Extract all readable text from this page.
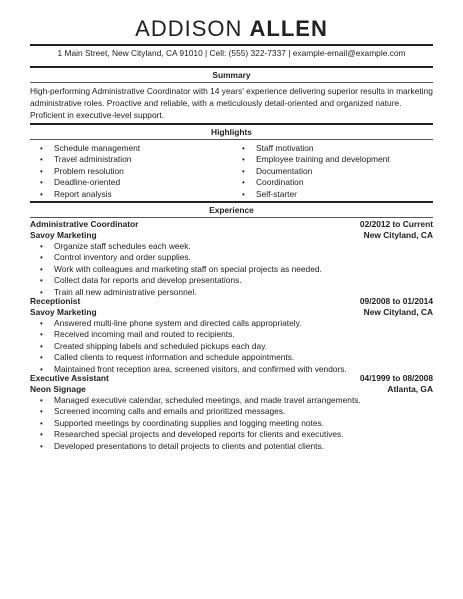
ADDISON ALLEN
1 Main Street, New Cityland, CA 91010 | Cell: (555) 322-7337 | example-email@example.com
Summary
High-performing Administrative Coordinator with 14 years' experience delivering superior results in marketing administrative roles. Proactive and reliable, with a meticulously detail-oriented and organized nature. Proficient in executive-level support.
Highlights
• Schedule management
• Travel administration
• Problem resolution
• Deadline-oriented
• Report analysis
• Staff motivation
• Employee training and development
• Documentation
• Coordination
• Self-starter
Experience
Administrative Coordinator	02/2012 to Current
Savoy Marketing	New Cityland, CA
• Organize staff schedules each week.
• Control inventory and order supplies.
• Work with colleagues and marketing staff on special projects as needed.
• Collect data for reports and develop presentations.
• Train all new administrative personnel.
Receptionist	09/2008 to 01/2014
Savoy Marketing	New Cityland, CA
• Answered multi-line phone system and directed calls appropriately.
• Received incoming mail and routed to recipients.
• Created shipping labels and scheduled pickups each day.
• Called clients to request information and schedule appointments.
• Maintained front reception area, screened visitors, and confirmed with vendors.
Executive Assistant	04/1999 to 08/2008
Neon Signage	Atlanta, GA
• Managed executive calendar, scheduled meetings, and made travel arrangements.
• Screened incoming calls and emails and prioritized messages.
• Supported meetings by coordinating supplies and logging meeting notes.
• Researched special projects and developed reports for clients and executives.
• Developed presentations to detail projects to clients and potential clients.
